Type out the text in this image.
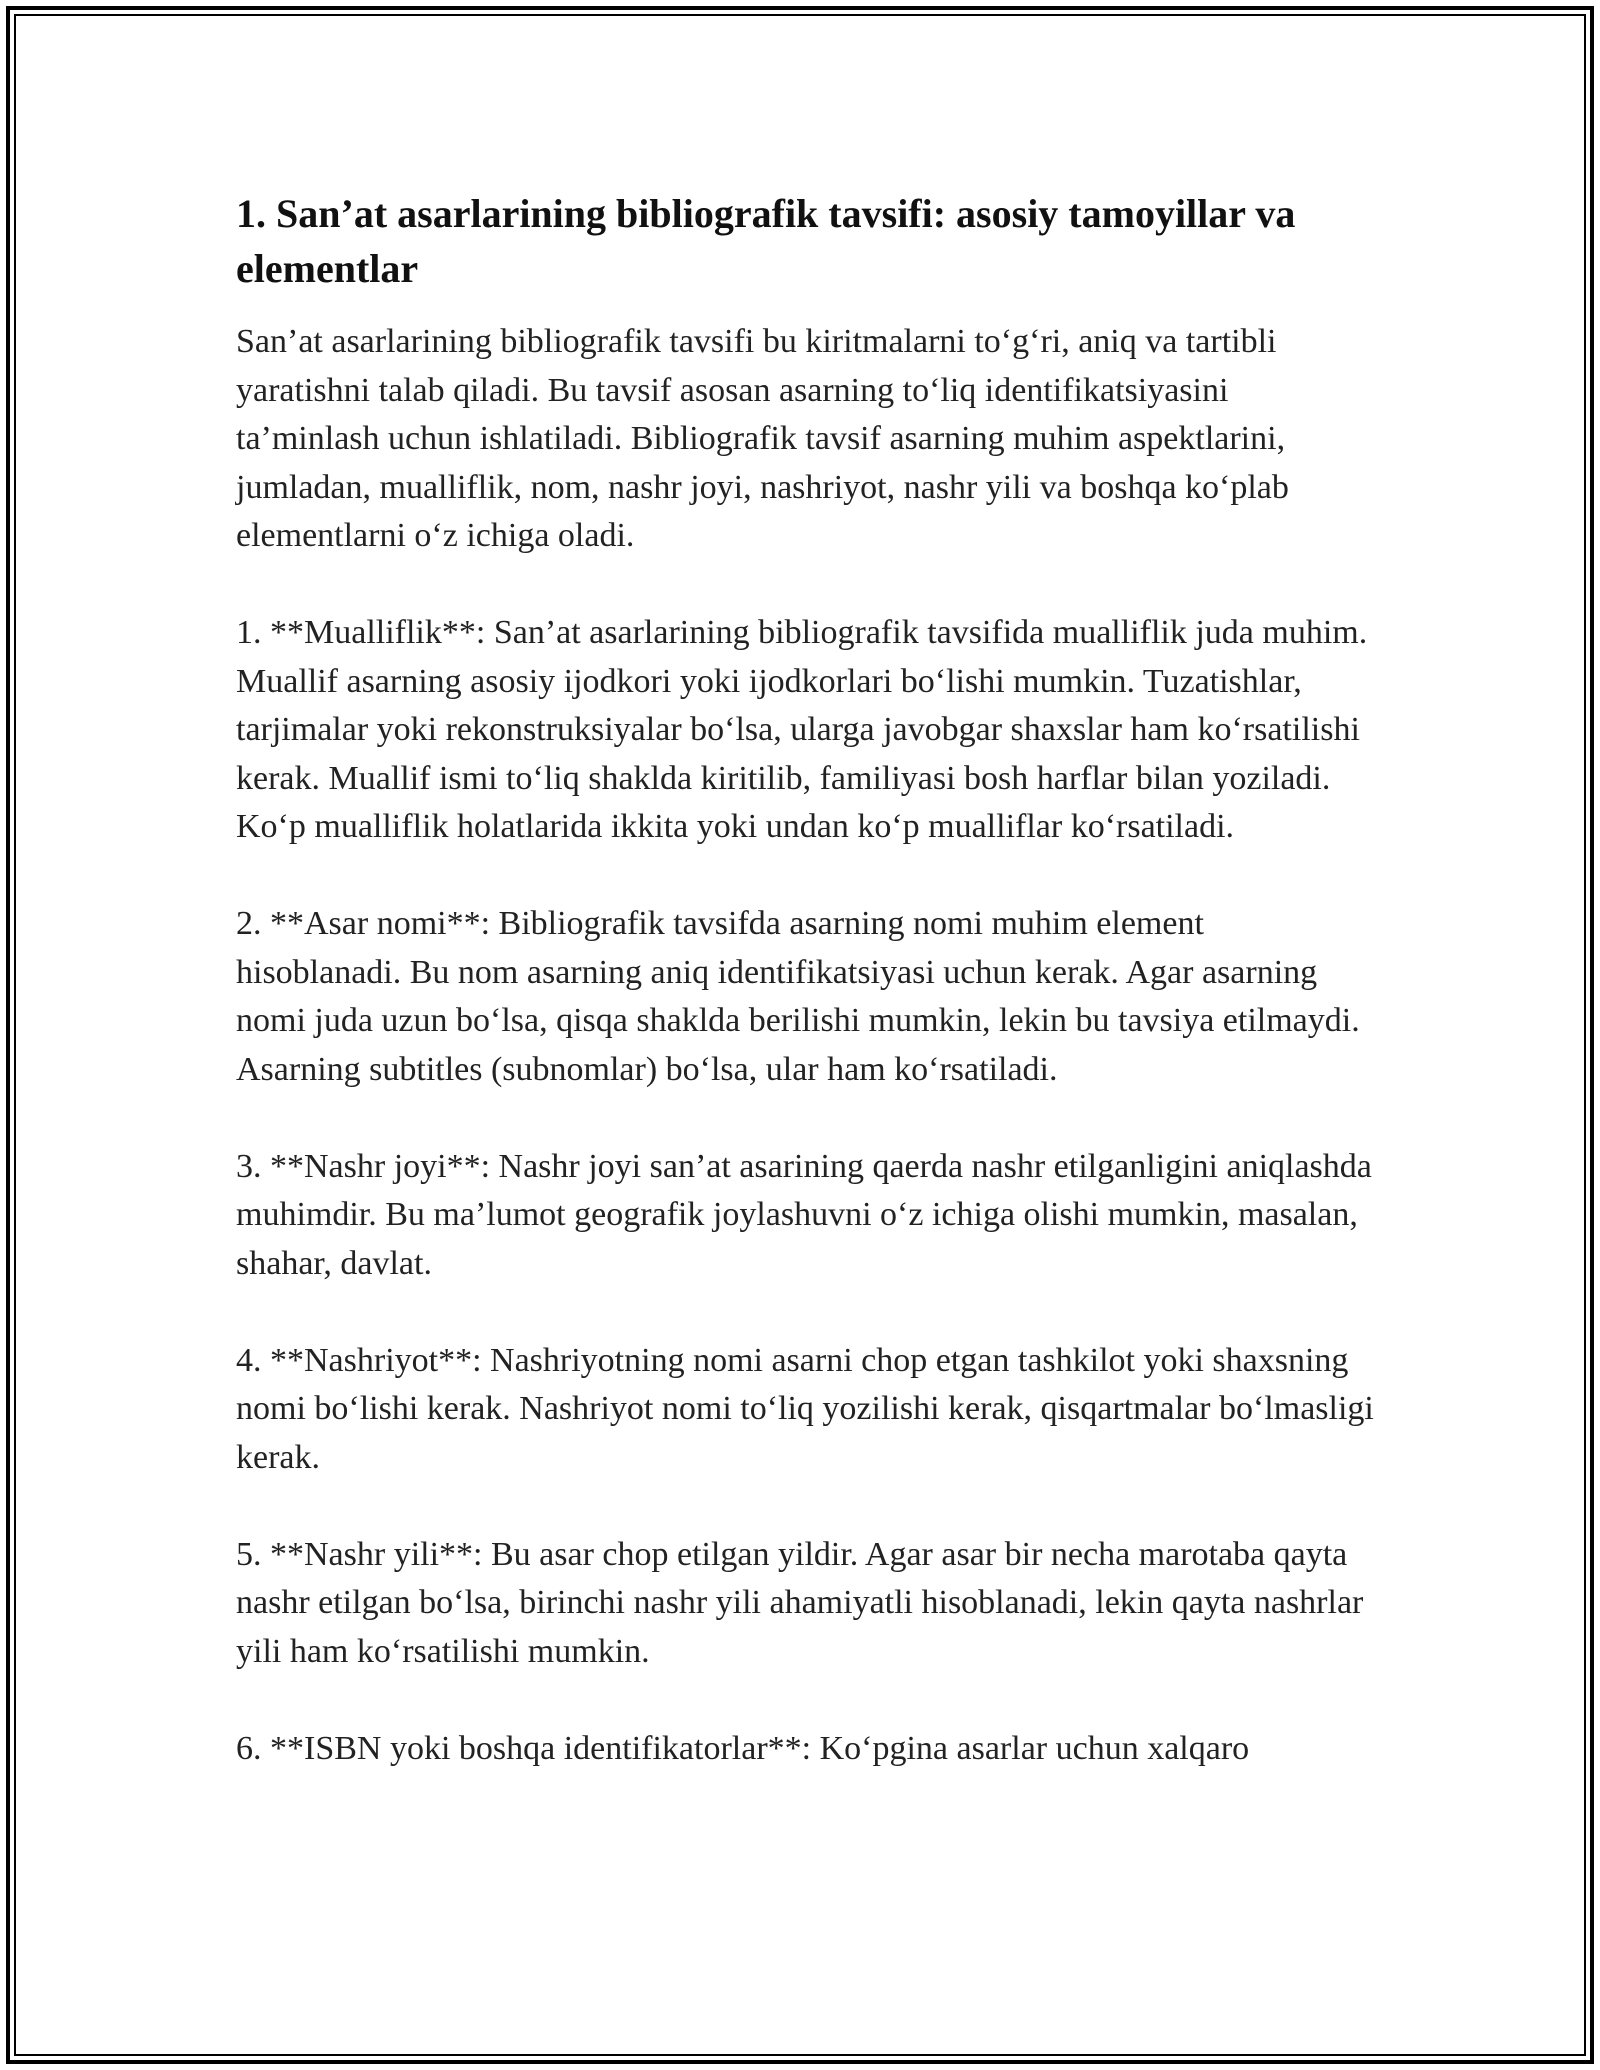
1. San’at asarlarining bibliografik tavsifi: asosiy tamoyillar va elementlar

San’at asarlarining bibliografik tavsifi bu kiritmalarni to‘g‘ri, aniq va tartibli yaratishni talab qiladi. Bu tavsif asosan asarning to‘liq identifikatsiyasini ta’minlash uchun ishlatiladi. Bibliografik tavsif asarning muhim aspektlarini, jumladan, mualliflik, nom, nashr joyi, nashriyot, nashr yili va boshqa ko‘plab elementlarni o‘z ichiga oladi.

1. **Mualliflik**: San’at asarlarining bibliografik tavsifida mualliflik juda muhim. Muallif asarning asosiy ijodkori yoki ijodkorlari bo‘lishi mumkin. Tuzatishlar, tarjimalar yoki rekonstruksiyalar bo‘lsa, ularga javobgar shaxslar ham ko‘rsatilishi kerak. Muallif ismi to‘liq shaklda kiritilib, familiyasi bosh harflar bilan yoziladi. Ko‘p mualliflik holatlarida ikkita yoki undan ko‘p mualliflar ko‘rsatiladi.

2. **Asar nomi**: Bibliografik tavsifda asarning nomi muhim element hisoblanadi. Bu nom asarning aniq identifikatsiyasi uchun kerak. Agar asarning nomi juda uzun bo‘lsa, qisqa shaklda berilishi mumkin, lekin bu tavsiya etilmaydi. Asarning subtitles (subnomlar) bo‘lsa, ular ham ko‘rsatiladi.

3. **Nashr joyi**: Nashr joyi san’at asarining qaerda nashr etilganligini aniqlashda muhimdir. Bu ma’lumot geografik joylashuvni o‘z ichiga olishi mumkin, masalan, shahar, davlat.

4. **Nashriyot**: Nashriyotning nomi asarni chop etgan tashkilot yoki shaxsning nomi bo‘lishi kerak. Nashriyot nomi to‘liq yozilishi kerak, qisqartmalar bo‘lmasligi kerak.

5. **Nashr yili**: Bu asar chop etilgan yildir. Agar asar bir necha marotaba qayta nashr etilgan bo‘lsa, birinchi nashr yili ahamiyatli hisoblanadi, lekin qayta nashrlar yili ham ko‘rsatilishi mumkin.

6. **ISBN yoki boshqa identifikatorlar**: Ko‘pgina asarlar uchun xalqaro
